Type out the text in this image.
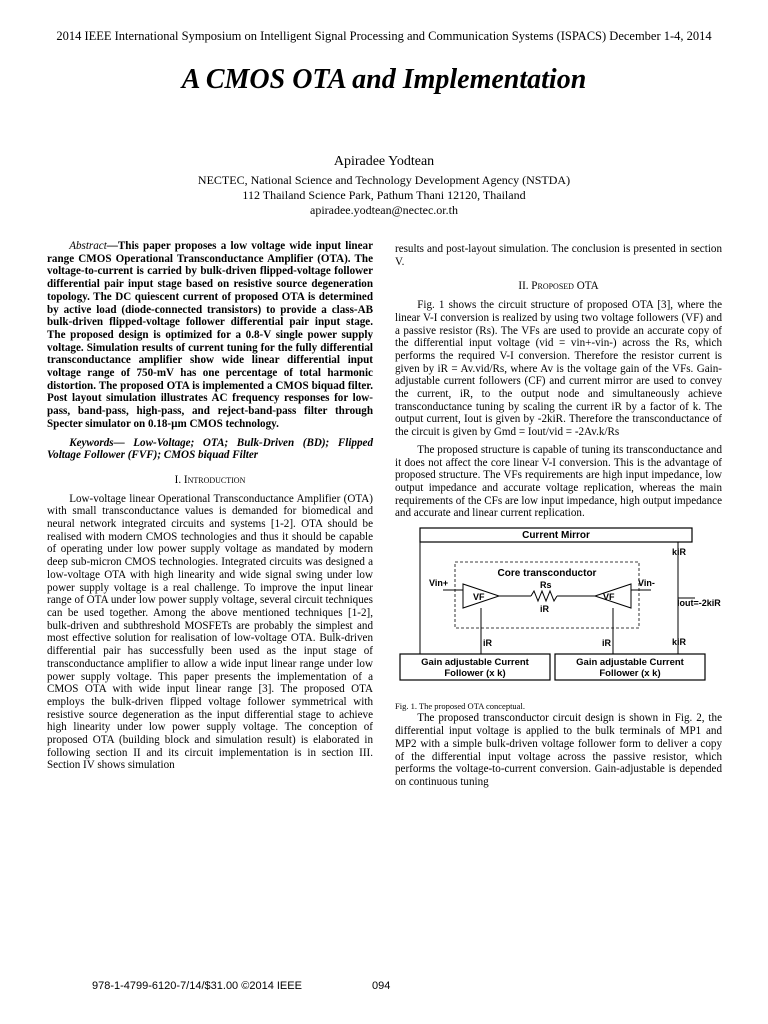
2014 IEEE International Symposium on Intelligent Signal Processing and Communication Systems (ISPACS) December 1-4, 2014
A CMOS OTA and Implementation
Apiradee Yodtean
NECTEC, National Science and Technology Development Agency (NSTDA)
112 Thailand Science Park, Pathum Thani 12120, Thailand
apiradee.yodtean@nectec.or.th

Abstract—This paper proposes a low voltage wide input linear range CMOS Operational Transconductance Amplifier (OTA). The voltage-to-current is carried by bulk-driven flipped-voltage follower differential pair input stage based on resistive source degeneration topology. The DC quiescent current of proposed OTA is determined by active load (diode-connected transistors) to provide a class-AB bulk-driven flipped-voltage follower differential pair input stage. The proposed design is optimized for a 0.8-V single power supply voltage. Simulation results of current tuning for the fully differential transconductance amplifier show wide linear differential input voltage range of 750-mV has one percentage of total harmonic distortion. The proposed OTA is implemented a CMOS biquad filter. Post layout simulation illustrates AC frequency responses for low-pass, band-pass, high-pass, and reject-band-pass filter through Specter simulator on 0.18-µm CMOS technology.

Keywords— Low-Voltage; OTA; Bulk-Driven (BD); Flipped Voltage Follower (FVF); CMOS biquad Filter

I. Introduction

Low-voltage linear Operational Transconductance Amplifier (OTA) with small transconductance values is demanded for biomedical and neural network integrated circuits and systems [1-2]. OTA should be realised with modern CMOS technologies and thus it should be capable of operating under low power supply voltage as mandated by modern deep sub-micron CMOS technologies. Integrated circuits was designed a low-voltage OTA with high linearity and wide signal swing under low power supply voltage is a real challenge. To improve the input linear range of OTA under low power supply voltage, several circuit techniques can be used together. Among the above mentioned techniques [1-2], bulk-driven and subthreshold MOSFETs are probably the simplest and most effective solution for realisation of low-voltage OTA. Bulk-driven differential pair has successfully been used as the input stage of transconductance amplifier to allow a wide input linear range under low power supply voltage. This paper presents the implementation of a CMOS OTA with wide input linear range [3]. The proposed OTA employs the bulk-driven flipped voltage follower symmetrical with resistive source degeneration as the input differential stage to achieve high linearity under low power supply voltage. The conception of proposed OTA (building block and simulation result) is elaborated in following section II and its circuit implementation is in section III. Section IV shows simulation

results and post-layout simulation. The conclusion is presented in section V.

II. Proposed OTA

Fig. 1 shows the circuit structure of proposed OTA [3], where the linear V-I conversion is realized by using two voltage followers (VF) and a passive resistor (Rs). The VFs are used to provide an accurate copy of the differential input voltage (vid = vin+-vin-) across the Rs, which performs the required V-I conversion. Therefore the resistor current is given by iR = Av.vid/Rs, where Av is the voltage gain of the VFs. Gain-adjustable current followers (CF) and current mirror are used to convey the current, iR, to the output node and simultaneously achieve transconductance tuning by scaling the current iR by a factor of k. The output current, Iout is given by -2kiR. Therefore the transconductance of the circuit is given by Gmd = Iout/vid = -2Av.k/Rs

The proposed structure is capable of tuning its transconductance and it does not affect the core linear V-I conversion. This is the advantage of proposed structure. The VFs requirements are high input impedance, low output impedance and accurate voltage replication, whereas the main requirements of the CFs are low input impedance, high output impedance and accurate and linear current replication.

Current Mirror
Core transconductor
VF	VF
Rs
iR
Vin+	Vin-
iR	iR
kiR
kiR
Iout=-2kiR
Gain adjustable Current
Follower (x k)
Gain adjustable Current
Follower (x k)

Fig. 1. The proposed OTA conceptual.

The proposed transconductor circuit design is shown in Fig. 2, the differential input voltage is applied to the bulk terminals of MP1 and MP2 with a simple bulk-driven voltage follower form to deliver a copy of the differential input voltage across the passive resistor, which performs the voltage-to-current conversion. Gain-adjustable is depended on continuous tuning

978-1-4799-6120-7/14/$31.00 ©2014 IEEE	094
